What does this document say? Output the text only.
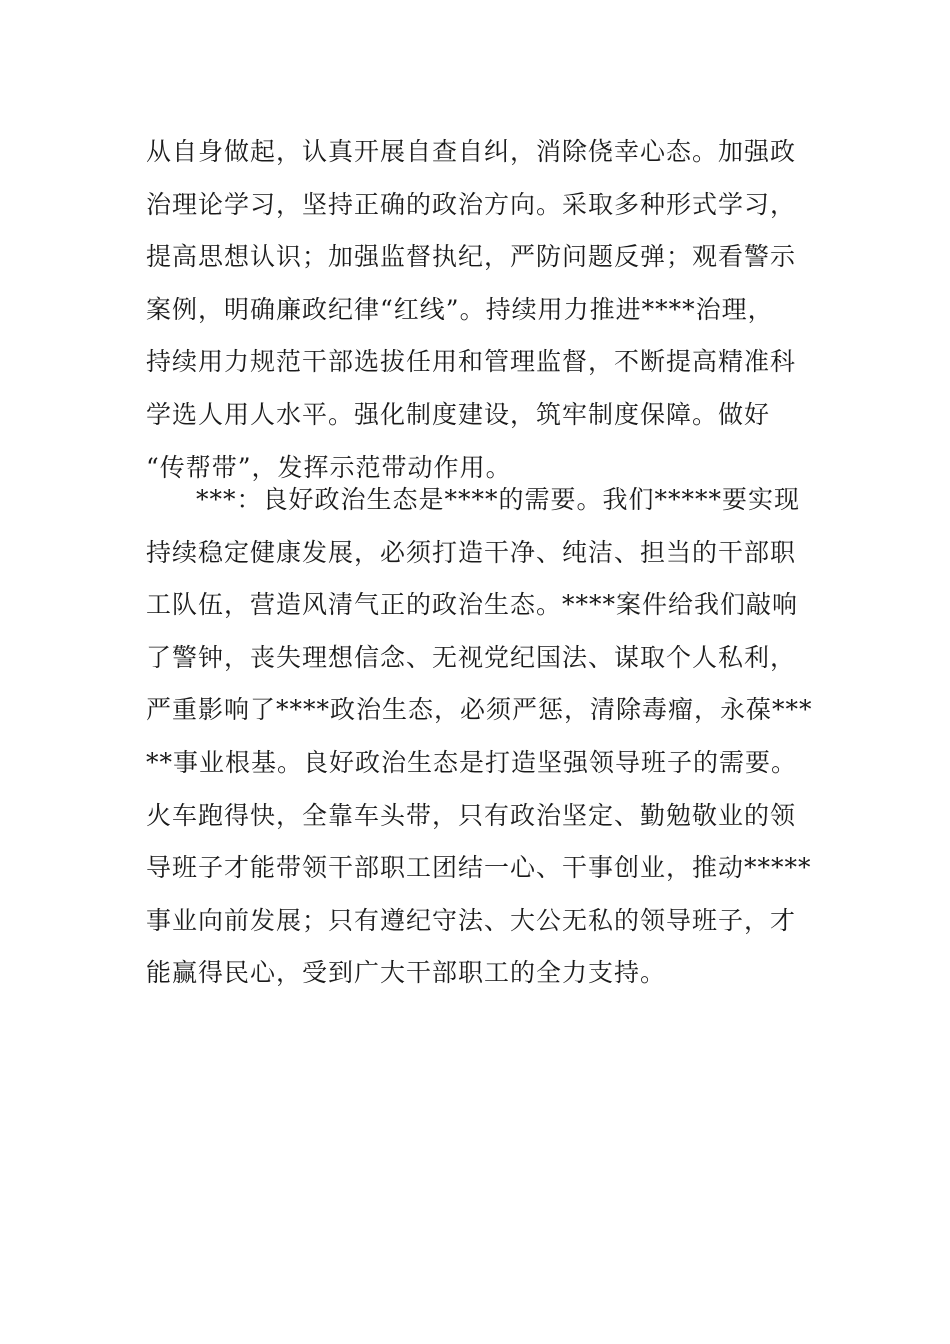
从自身做起，认真开展自查自纠，消除侥幸心态。加强政
治理论学习，坚持正确的政治方向。采取多种形式学习，
提高思想认识；加强监督执纪，严防问题反弹；观看警示
案例，明确廉政纪律“红线”。持续用力推进****治理，
持续用力规范干部选拔任用和管理监督，不断提高精准科
学选人用人水平。强化制度建设，筑牢制度保障。做好
“传帮带”，发挥示范带动作用。
***：良好政治生态是****的需要。我们*****要实现
持续稳定健康发展，必须打造干净、纯洁、担当的干部职
工队伍，营造风清气正的政治生态。****案件给我们敲响
了警钟，丧失理想信念、无视党纪国法、谋取个人私利，
严重影响了****政治生态，必须严惩，清除毒瘤，永葆***
**事业根基。良好政治生态是打造坚强领导班子的需要。
火车跑得快，全靠车头带，只有政治坚定、勤勉敬业的领
导班子才能带领干部职工团结一心、干事创业，推动*****
事业向前发展；只有遵纪守法、大公无私的领导班子，才
能赢得民心，受到广大干部职工的全力支持。
